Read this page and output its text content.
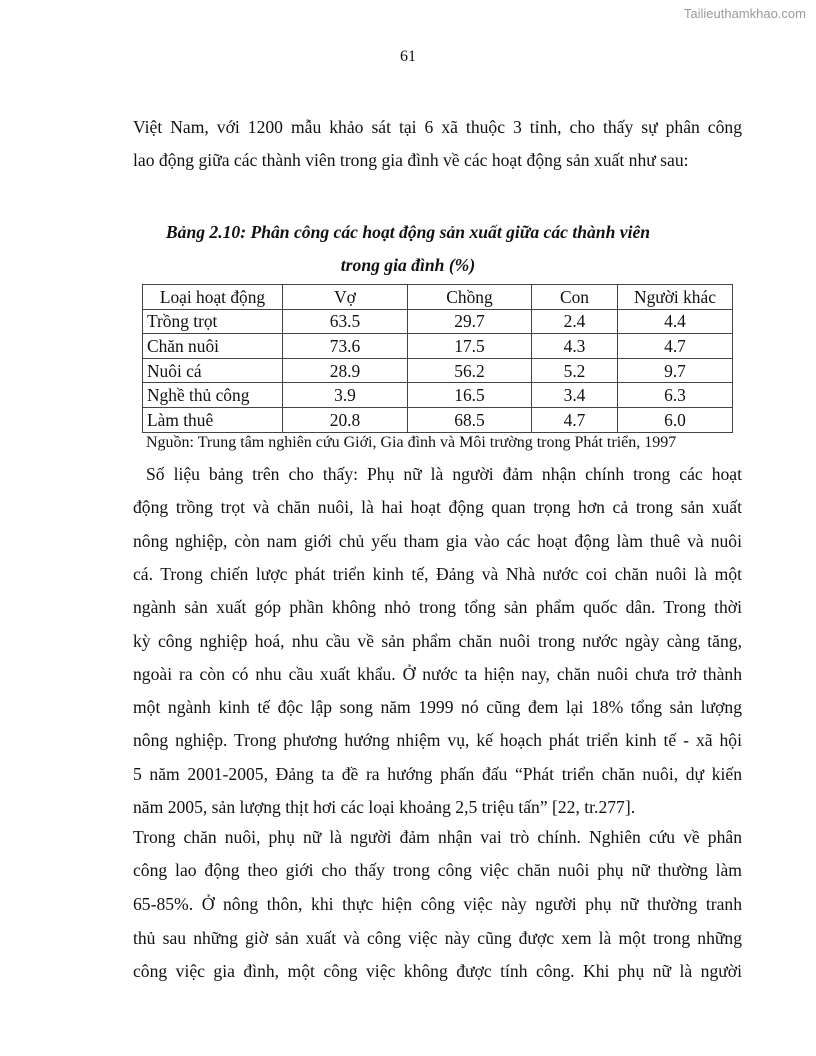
Tailieuthamkhao.com
61
Việt Nam, với 1200 mẫu khảo sát tại 6 xã thuộc 3 tỉnh, cho thấy sự phân công
lao động giữa các thành viên trong gia đình về các hoạt động sản xuất như sau:
Bảng 2.10: Phân công các hoạt động sản xuất giữa các thành viên
trong gia đình (%)
Loại hoạt động	Vợ	Chồng	Con	Người khác
Trồng trọt	63.5	29.7	2.4	4.4
Chăn nuôi	73.6	17.5	4.3	4.7
Nuôi cá	28.9	56.2	5.2	9.7
Nghề thủ công	3.9	16.5	3.4	6.3
Làm thuê	20.8	68.5	4.7	6.0
Nguồn: Trung tâm nghiên cứu Giới, Gia đình và Môi trường trong Phát triển, 1997
Số liệu bảng trên cho thấy: Phụ nữ là người đảm nhận chính trong các hoạt
động trồng trọt và chăn nuôi, là hai hoạt động quan trọng hơn cả trong sản xuất
nông nghiệp, còn nam giới chủ yếu tham gia vào các hoạt động làm thuê và nuôi
cá. Trong chiến lược phát triển kinh tế, Đảng và Nhà nước coi chăn nuôi là một
ngành sản xuất góp phần không nhỏ trong tổng sản phẩm quốc dân. Trong thời
kỳ công nghiệp hoá, nhu cầu về sản phẩm chăn nuôi trong nước ngày càng tăng,
ngoài ra còn có nhu cầu xuất khẩu. Ở nước ta hiện nay, chăn nuôi chưa trở thành
một ngành kinh tế độc lập song năm 1999 nó cũng đem lại 18% tổng sản lượng
nông nghiệp. Trong phương hướng nhiệm vụ, kế hoạch phát triển kinh tế - xã hội
5 năm 2001-2005, Đảng ta đề ra hướng phấn đấu “Phát triển chăn nuôi, dự kiến
năm 2005, sản lượng thịt hơi các loại khoảng 2,5 triệu tấn” [22, tr.277].
Trong chăn nuôi, phụ nữ là người đảm nhận vai trò chính. Nghiên cứu về phân
công lao động theo giới cho thấy trong công việc chăn nuôi phụ nữ thường làm
65-85%. Ở nông thôn, khi thực hiện công việc này người phụ nữ thường tranh
thủ sau những giờ sản xuất và công việc này cũng được xem là một trong những
công việc gia đình, một công việc không được tính công. Khi phụ nữ là người
